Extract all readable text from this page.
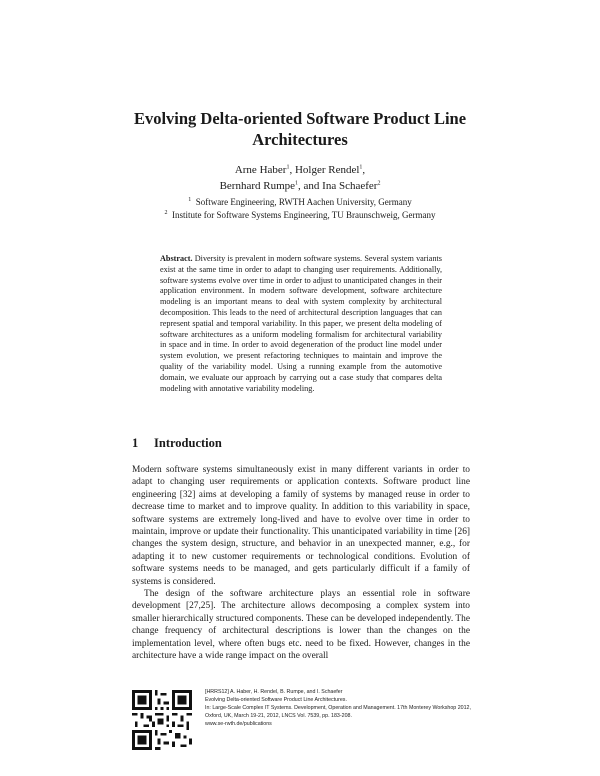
Evolving Delta-oriented Software Product Line
Architectures
Arne Haber$^1$, Holger Rendel$^1$,
Bernhard Rumpe$^1$, and Ina Schaefer$^2$
$^1$ Software Engineering, RWTH Aachen University, Germany
$^2$ Institute for Software Systems Engineering, TU Braunschweig, Germany
Abstract. Diversity is prevalent in modern software systems. Several system variants exist at the same time in order to adapt to changing user requirements. Additionally, software systems evolve over time in order to adjust to unanticipated changes in their application environment. In modern software development, software architecture modeling is an important means to deal with system complexity by architectural decomposition. This leads to the need of architectural description languages that can represent spatial and temporal variability. In this paper, we present delta modeling of software architectures as a uniform modeling formalism for architectural variability in space and in time. In order to avoid degeneration of the product line model under system evolution, we present refactoring techniques to maintain and improve the quality of the variability model. Using a running example from the automotive domain, we evaluate our approach by carrying out a case study that compares delta modeling with annotative variability modeling.
1 Introduction

Modern software systems simultaneously exist in many different variants in order to adapt to changing user requirements or application contexts. Software product line engineering [32] aims at developing a family of systems by managed reuse in order to decrease time to market and to improve quality. In addition to this variability in space, software systems are extremely long-lived and have to evolve over time in order to maintain, improve or update their functionality. This unanticipated variability in time [26] changes the system design, structure, and behavior in an unexpected manner, e.g., for adapting it to new customer requirements or technological conditions. Evolution of software systems needs to be managed, and gets particularly difficult if a family of systems is considered.

The design of the software architecture plays an essential role in software development [27,25]. The architecture allows decomposing a complex system into smaller hierarchically structured components. These can be developed independently. The change frequency of architectural descriptions is lower than the changes on the implementation level, where often bugs etc. need to be fixed. However, changes in the architecture have a wide range impact on the overall

[HRRS12] A. Haber, H. Rendel, B. Rumpe, and I. Schaefer
Evolving Delta-oriented Software Product Line Architectures.
In: Large-Scale Complex IT Systems. Development, Operation and Management. 17th Monterey Workshop 2012,
Oxford, UK, March 19-21, 2012, LNCS Vol. 7539, pp. 183-208.
www.se-rwth.de/publications
